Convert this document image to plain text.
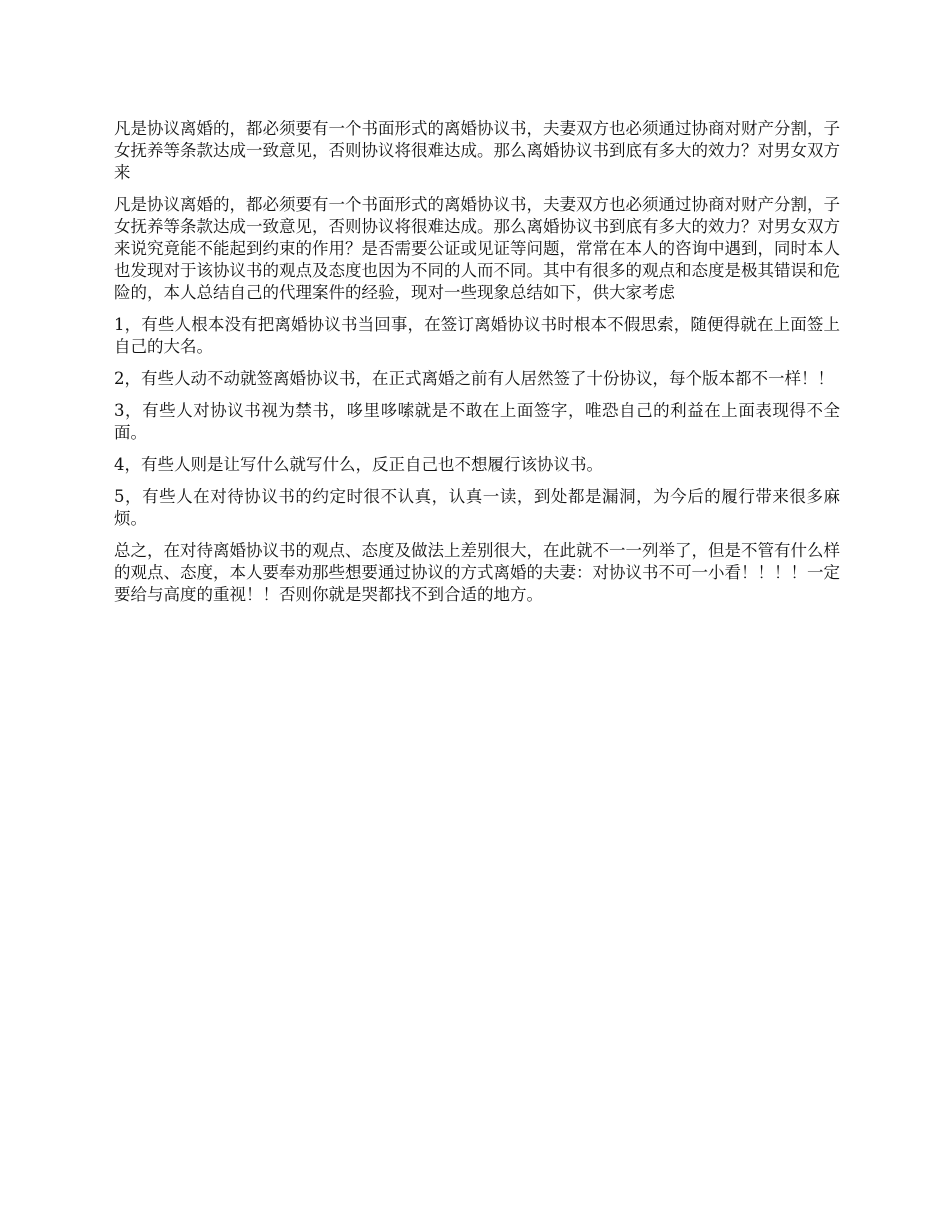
凡是协议离婚的，都必须要有一个书面形式的离婚协议书，夫妻双方也必须通过协商对财产分割，子女抚养等条款达成一致意见，否则协议将很难达成。那么离婚协议书到底有多大的效力？对男女双方来

凡是协议离婚的，都必须要有一个书面形式的离婚协议书，夫妻双方也必须通过协商对财产分割，子女抚养等条款达成一致意见，否则协议将很难达成。那么离婚协议书到底有多大的效力？对男女双方来说究竟能不能起到约束的作用？是否需要公证或见证等问题，常常在本人的咨询中遇到，同时本人也发现对于该协议书的观点及态度也因为不同的人而不同。其中有很多的观点和态度是极其错误和危险的，本人总结自己的代理案件的经验，现对一些现象总结如下，供大家考虑

1，有些人根本没有把离婚协议书当回事，在签订离婚协议书时根本不假思索，随便得就在上面签上自己的大名。

2，有些人动不动就签离婚协议书，在正式离婚之前有人居然签了十份协议，每个版本都不一样！！

3，有些人对协议书视为禁书，哆里哆嗦就是不敢在上面签字，唯恐自己的利益在上面表现得不全面。

4，有些人则是让写什么就写什么，反正自己也不想履行该协议书。

5，有些人在对待协议书的约定时很不认真，认真一读，到处都是漏洞，为今后的履行带来很多麻烦。

总之，在对待离婚协议书的观点、态度及做法上差别很大，在此就不一一列举了，但是不管有什么样的观点、态度，本人要奉劝那些想要通过协议的方式离婚的夫妻：对协议书不可一小看！！！！一定要给与高度的重视！！否则你就是哭都找不到合适的地方。
